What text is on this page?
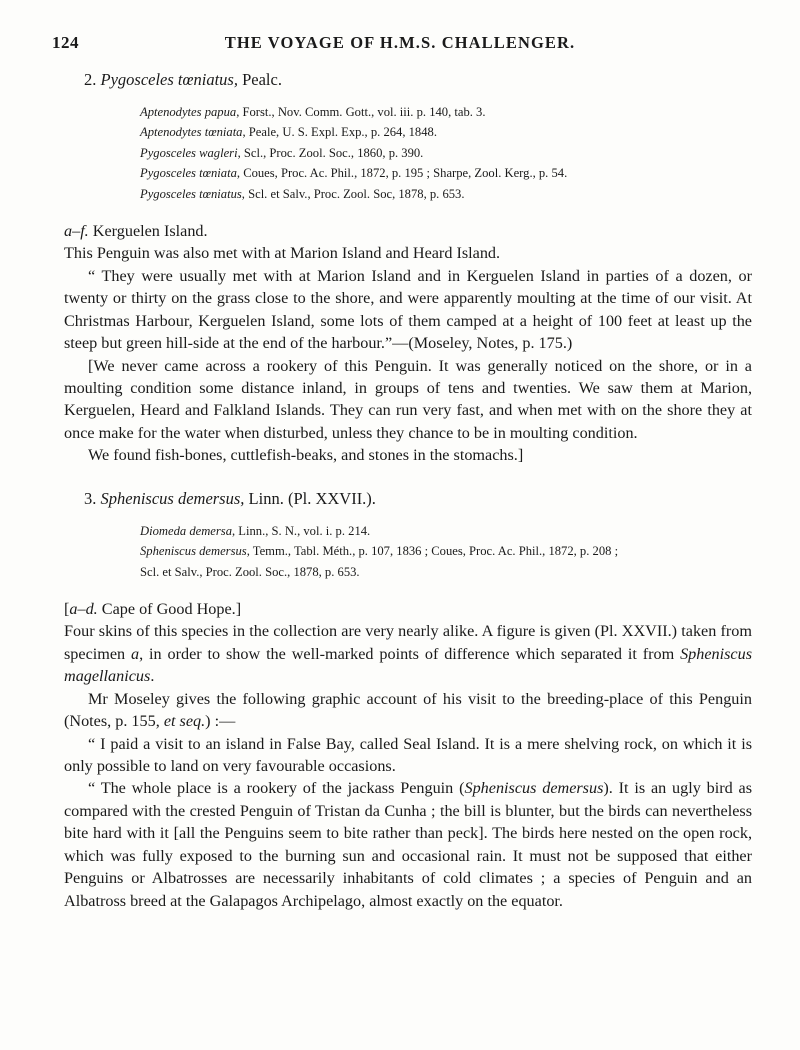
124	THE VOYAGE OF H.M.S. CHALLENGER.
2. Pygosceles tœniatus, Pealc.
Aptenodytes papua, Forst., Nov. Comm. Gott., vol. iii. p. 140, tab. 3.
Aptenodytes tœniata, Peale, U. S. Expl. Exp., p. 264, 1848.
Pygosceles wagleri, Scl., Proc. Zool. Soc., 1860, p. 390.
Pygosceles tœniata, Coues, Proc. Ac. Phil., 1872, p. 195 ; Sharpe, Zool. Kerg., p. 54.
Pygosceles tœniatus, Scl. et Salv., Proc. Zool. Soc, 1878, p. 653.
a–f. Kerguelen Island.

This Penguin was also met with at Marion Island and Heard Island.

“ They were usually met with at Marion Island and in Kerguelen Island in parties of a dozen, or twenty or thirty on the grass close to the shore, and were apparently moulting at the time of our visit. At Christmas Harbour, Kerguelen Island, some lots of them camped at a height of 100 feet at least up the steep but green hill-side at the end of the harbour.”—(Moseley, Notes, p. 175.)

[We never came across a rookery of this Penguin. It was generally noticed on the shore, or in a moulting condition some distance inland, in groups of tens and twenties. We saw them at Marion, Kerguelen, Heard and Falkland Islands. They can run very fast, and when met with on the shore they at once make for the water when disturbed, unless they chance to be in moulting condition.

We found fish-bones, cuttlefish-beaks, and stones in the stomachs.]

3. Spheniscus demersus, Linn. (Pl. XXVII.).
Diomeda demersa, Linn., S. N., vol. i. p. 214.
Spheniscus demersus, Temm., Tabl. Méth., p. 107, 1836 ; Coues, Proc. Ac. Phil., 1872, p. 208 ;
Scl. et Salv., Proc. Zool. Soc., 1878, p. 653.
[a–d. Cape of Good Hope.]

Four skins of this species in the collection are very nearly alike. A figure is given (Pl. XXVII.) taken from specimen a, in order to show the well-marked points of difference which separated it from Spheniscus magellanicus.

Mr Moseley gives the following graphic account of his visit to the breeding-place of this Penguin (Notes, p. 155, et seq.) :—

“ I paid a visit to an island in False Bay, called Seal Island. It is a mere shelving rock, on which it is only possible to land on very favourable occasions.

“ The whole place is a rookery of the jackass Penguin (Spheniscus demersus). It is an ugly bird as compared with the crested Penguin of Tristan da Cunha ; the bill is blunter, but the birds can nevertheless bite hard with it [all the Penguins seem to bite rather than peck]. The birds here nested on the open rock, which was fully exposed to the burning sun and occasional rain. It must not be supposed that either Penguins or Albatrosses are necessarily inhabitants of cold climates ; a species of Penguin and an Albatross breed at the Galapagos Archipelago, almost exactly on the equator.
